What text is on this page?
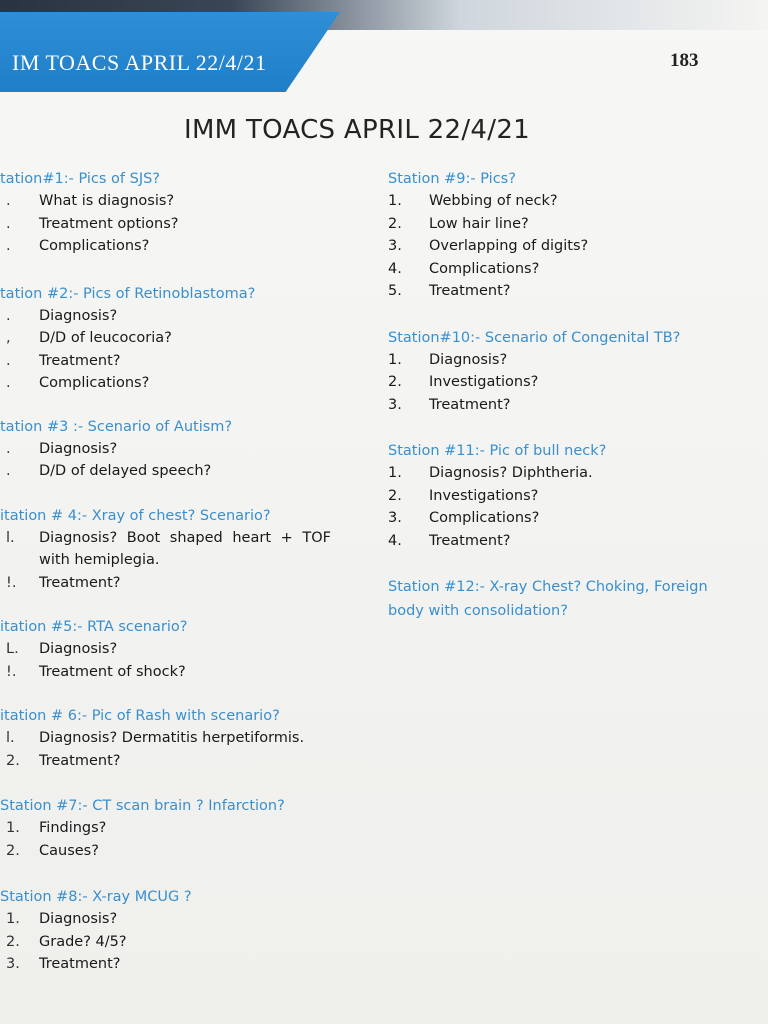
IM TOACS APRIL 22/4/21	183
IMM TOACS APRIL 22/4/21
tation#1:- Pics of SJS?
. What is diagnosis?
. Treatment options?
. Complications?
tation #2:- Pics of Retinoblastoma?
. Diagnosis?
, D/D of leucocoria?
. Treatment?
. Complications?
tation #3 :- Scenario of Autism?
. Diagnosis?
. D/D of delayed speech?
itation # 4:- Xray of chest? Scenario?
l. Diagnosis? Boot shaped heart + TOF with hemiplegia.
!. Treatment?
itation #5:- RTA scenario?
L. Diagnosis?
!. Treatment of shock?
itation # 6:- Pic of Rash with scenario?
l. Diagnosis? Dermatitis herpetiformis.
2. Treatment?
Station #7:- CT scan brain ? Infarction?
1. Findings?
2. Causes?
Station #8:- X-ray MCUG ?
1. Diagnosis?
2. Grade? 4/5?
3. Treatment?
Station #9:- Pics?
1. Webbing of neck?
2. Low hair line?
3. Overlapping of digits?
4. Complications?
5. Treatment?
Station#10:- Scenario of Congenital TB?
1. Diagnosis?
2. Investigations?
3. Treatment?
Station #11:- Pic of bull neck?
1. Diagnosis? Diphtheria.
2. Investigations?
3. Complications?
4. Treatment?
Station #12:- X-ray Chest? Choking, Foreign body with consolidation?
